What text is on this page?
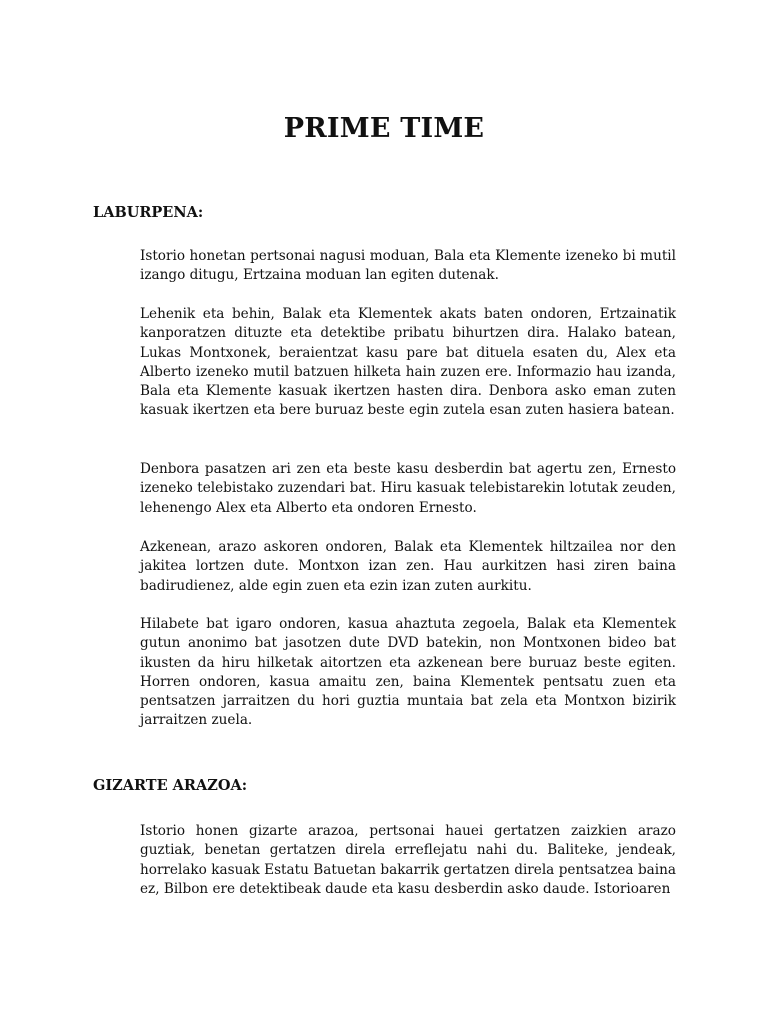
PRIME TIME
LABURPENA:

Istorio honetan pertsonai nagusi moduan, Bala eta Klemente izeneko bi mutil izango ditugu, Ertzaina moduan lan egiten dutenak.

Lehenik eta behin, Balak eta Klementek akats baten ondoren, Ertzainatik kanporatzen dituzte eta detektibe pribatu bihurtzen dira. Halako batean, Lukas Montxonek, beraientzat kasu pare bat dituela esaten du, Alex eta Alberto izeneko mutil batzuen hilketa hain zuzen ere. Informazio hau izanda, Bala eta Klemente kasuak ikertzen hasten dira. Denbora asko eman zuten kasuak ikertzen eta bere buruaz beste egin zutela esan zuten hasiera batean.

Denbora pasatzen ari zen eta beste kasu desberdin bat agertu zen, Ernesto izeneko telebistako zuzendari bat. Hiru kasuak telebistarekin lotutak zeuden, lehenengo Alex eta Alberto eta ondoren Ernesto.

Azkenean, arazo askoren ondoren, Balak eta Klementek hiltzailea nor den jakitea lortzen dute. Montxon izan zen. Hau aurkitzen hasi ziren baina badirudienez, alde egin zuen eta ezin izan zuten aurkitu.

Hilabete bat igaro ondoren, kasua ahaztuta zegoela, Balak eta Klementek gutun anonimo bat jasotzen dute DVD batekin, non Montxonen bideo bat ikusten da hiru hilketak aitortzen eta azkenean bere buruaz beste egiten. Horren ondoren, kasua amaitu zen, baina Klementek pentsatu zuen eta pentsatzen jarraitzen du hori guztia muntaia bat zela eta Montxon bizirik jarraitzen zuela.

GIZARTE ARAZOA:

Istorio honen gizarte arazoa, pertsonai hauei gertatzen zaizkien arazo guztiak, benetan gertatzen direla erreflejatu nahi du. Baliteke, jendeak, horrelako kasuak Estatu Batuetan bakarrik gertatzen direla pentsatzea baina ez, Bilbon ere detektibeak daude eta kasu desberdin asko daude. Istorioaren
